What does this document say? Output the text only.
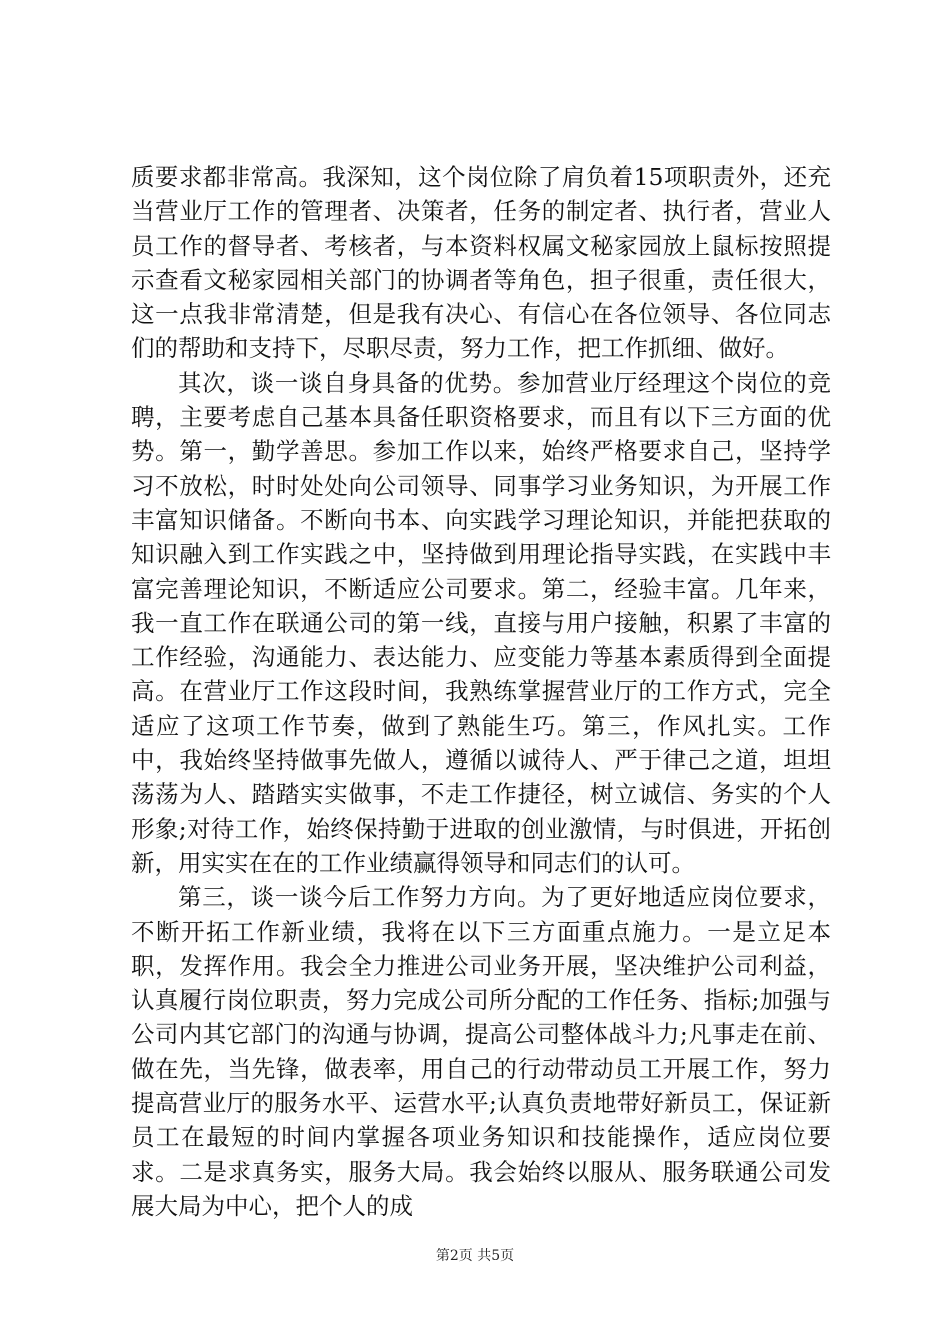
质要求都非常高。我深知，这个岗位除了肩负着15项职责外，还充当营业厅工作的管理者、决策者，任务的制定者、执行者，营业人员工作的督导者、考核者，与本资料权属文秘家园放上鼠标按照提示查看文秘家园相关部门的协调者等角色，担子很重，责任很大，这一点我非常清楚，但是我有决心、有信心在各位领导、各位同志们的帮助和支持下，尽职尽责，努力工作，把工作抓细、做好。

其次，谈一谈自身具备的优势。参加营业厅经理这个岗位的竞聘，主要考虑自己基本具备任职资格要求，而且有以下三方面的优势。第一，勤学善思。参加工作以来，始终严格要求自己，坚持学习不放松，时时处处向公司领导、同事学习业务知识，为开展工作丰富知识储备。不断向书本、向实践学习理论知识，并能把获取的知识融入到工作实践之中，坚持做到用理论指导实践，在实践中丰富完善理论知识，不断适应公司要求。第二，经验丰富。几年来，我一直工作在联通公司的第一线，直接与用户接触，积累了丰富的工作经验，沟通能力、表达能力、应变能力等基本素质得到全面提高。在营业厅工作这段时间，我熟练掌握营业厅的工作方式，完全适应了这项工作节奏，做到了熟能生巧。第三，作风扎实。工作中，我始终坚持做事先做人，遵循以诚待人、严于律己之道，坦坦荡荡为人、踏踏实实做事，不走工作捷径，树立诚信、务实的个人形象;对待工作，始终保持勤于进取的创业激情，与时俱进，开拓创新，用实实在在的工作业绩赢得领导和同志们的认可。

第三，谈一谈今后工作努力方向。为了更好地适应岗位要求，不断开拓工作新业绩，我将在以下三方面重点施力。一是立足本职，发挥作用。我会全力推进公司业务开展，坚决维护公司利益，认真履行岗位职责，努力完成公司所分配的工作任务、指标;加强与公司内其它部门的沟通与协调，提高公司整体战斗力;凡事走在前、做在先，当先锋，做表率，用自己的行动带动员工开展工作，努力提高营业厅的服务水平、运营水平;认真负责地带好新员工，保证新员工在最短的时间内掌握各项业务知识和技能操作，适应岗位要求。二是求真务实，服务大局。我会始终以服从、服务联通公司发展大局为中心，把个人的成

第2页 共5页
